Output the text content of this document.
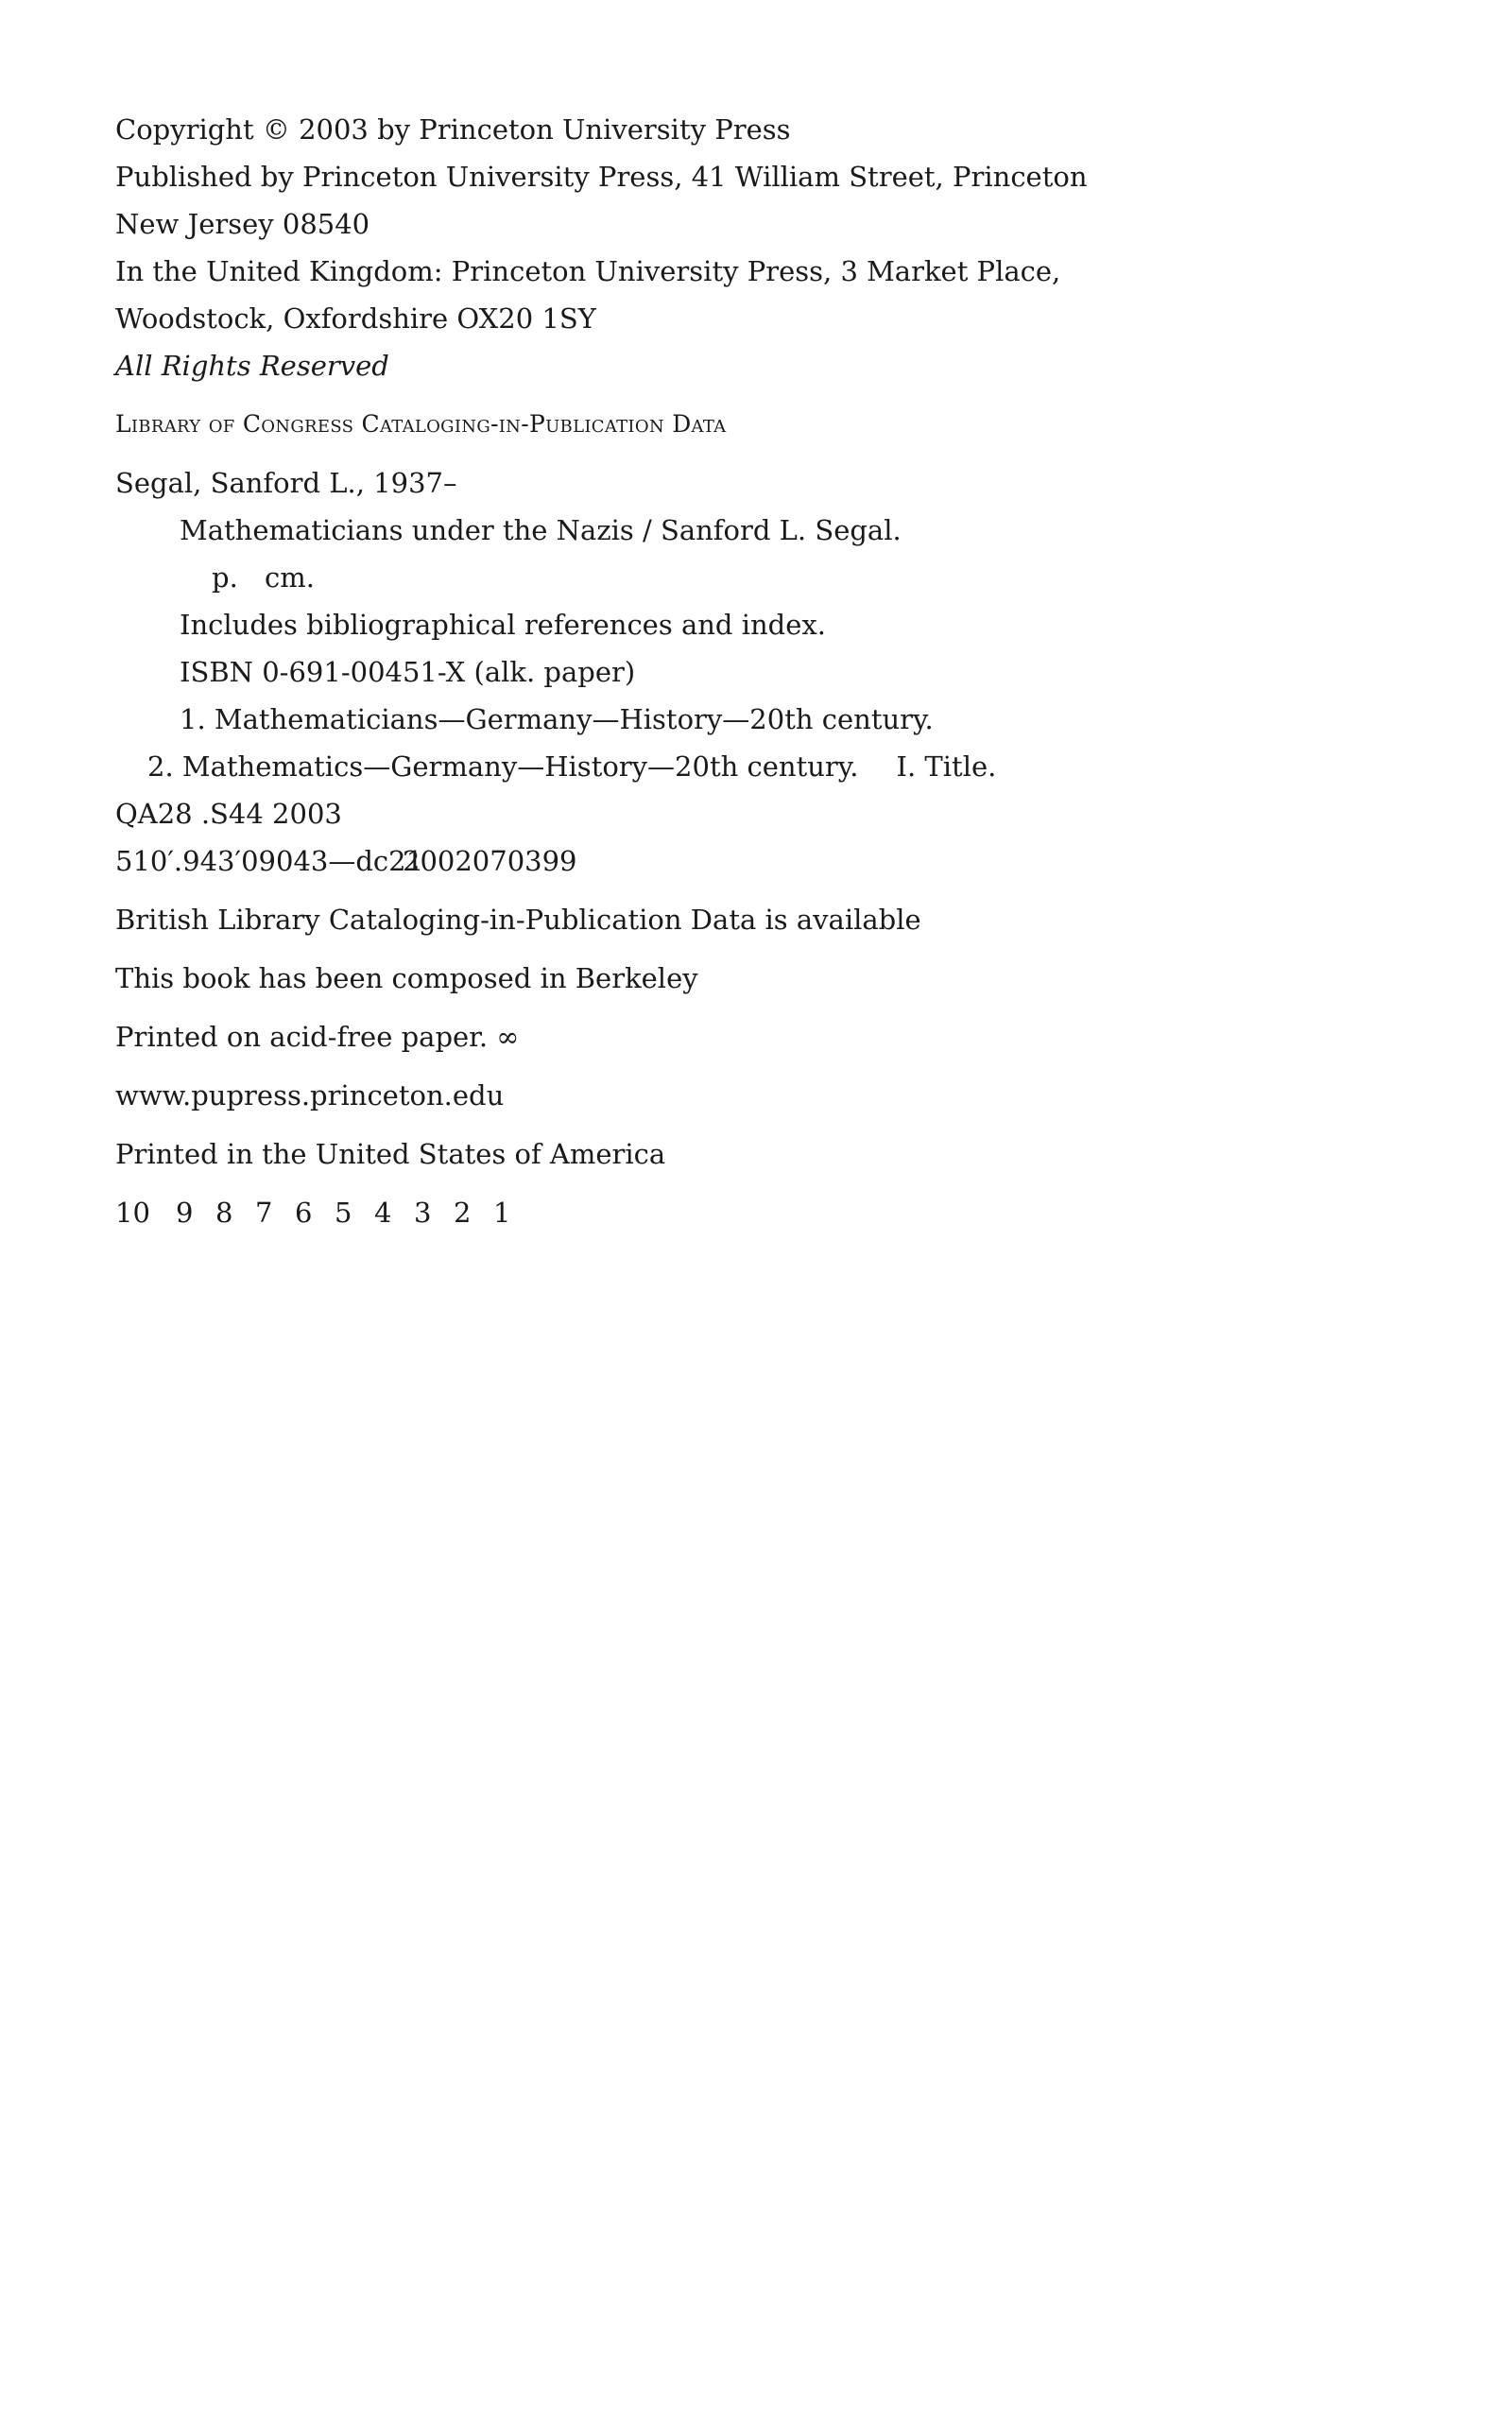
Copyright © 2003 by Princeton University Press
Published by Princeton University Press, 41 William Street, Princeton
New Jersey 08540
In the United Kingdom: Princeton University Press, 3 Market Place,
Woodstock, Oxfordshire OX20 1SY
All Rights Reserved
Library of Congress Cataloging-in-Publication Data
Segal, Sanford L., 1937–
Mathematicians under the Nazis / Sanford L. Segal.
p. cm.
Includes bibliographical references and index.
ISBN 0-691-00451-X (alk. paper)
1. Mathematicians—Germany—History—20th century.
2. Mathematics—Germany—History—20th century. I. Title.
QA28 .S44 2003
510′.943′09043—dc212002070399
British Library Cataloging-in-Publication Data is available
This book has been composed in Berkeley
Printed on acid-free paper. ∞
www.pupress.princeton.edu
Printed in the United States of America
10 9 8 7 6 5 4 3 2 1
